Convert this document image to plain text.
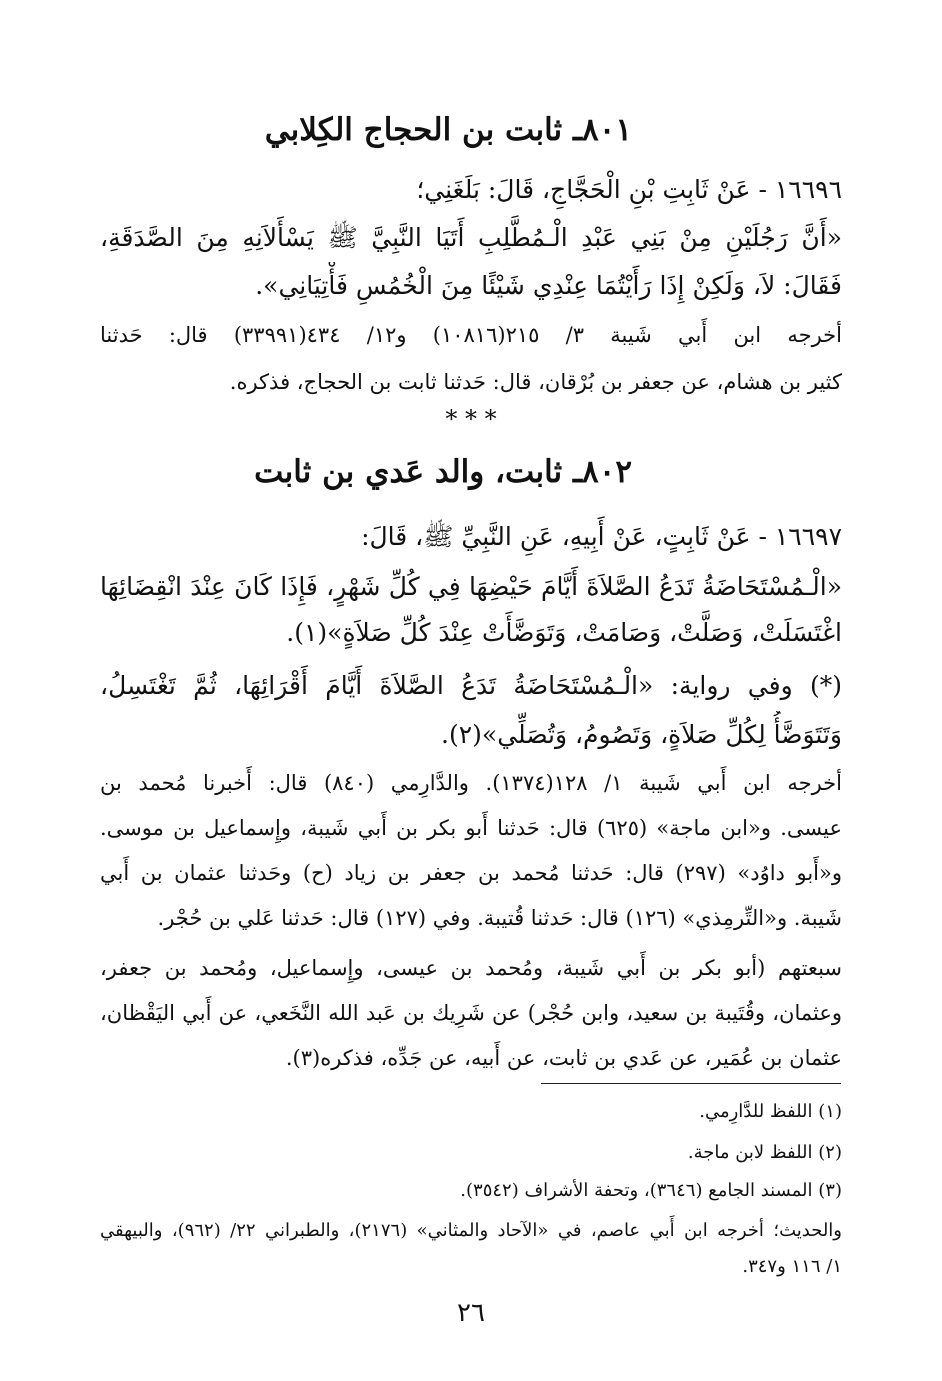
٨٠١ـ ثابت بن الحجاج الكِلابي
١٦٦٩٦ - عَنْ ثَابِتِ بْنِ الْحَجَّاجِ، قَالَ: بَلَغَنِي؛
«أَنَّ رَجُلَيْنِ مِنْ بَنِي عَبْدِ الْـمُطَّلِبِ أَتَيَا النَّبِيَّ ﷺ يَسْأَلاَنِهِ مِنَ الصَّدَقَةِ،
فَقَالَ: لاَ، وَلَكِنْ إِذَا رَأَيْتُمَا عِنْدِي شَيْئًا مِنَ الْخُمُسِ فَأْتِيَانِي».
أخرجه ابن أَبي شَيبة ٣/ ٢١٥(١٠٨١٦) و١٢/ ٤٣٤(٣٣٩٩١) قال: حَدثنا
كثير بن هشام، عن جعفر بن بُرْقان، قال: حَدثنا ثابت بن الحجاج، فذكره.
* * *
٨٠٢ـ ثابت، والد عَدي بن ثابت
١٦٦٩٧ - عَنْ ثَابِتٍ، عَنْ أَبِيهِ، عَنِ النَّبِيِّ ﷺ، قَالَ:
«الْـمُسْتَحَاضَةُ تَدَعُ الصَّلاَةَ أَيَّامَ حَيْضِهَا فِي كُلِّ شَهْرٍ، فَإِذَا كَانَ عِنْدَ انْقِضَائِهَا
اغْتَسَلَتْ، وَصَلَّتْ، وَصَامَتْ، وَتَوَضَّأَتْ عِنْدَ كُلِّ صَلاَةٍ»(١).
(*) وفي رواية: «الْـمُسْتَحَاضَةُ تَدَعُ الصَّلاَةَ أَيَّامَ أَقْرَائِهَا، ثُمَّ تَغْتَسِلُ،
وَتَتَوَضَّأُ لِكُلِّ صَلاَةٍ، وَتَصُومُ، وَتُصَلِّي»(٢).
أخرجه ابن أَبي شَيبة ١/ ١٢٨(١٣٧٤). والدَّارِمي (٨٤٠) قال: أَخبرنا مُحمد بن
عيسى. و«ابن ماجة» (٦٢٥) قال: حَدثنا أَبو بكر بن أَبي شَيبة، وإِسماعيل بن موسى.
و«أَبو داوُد» (٢٩٧) قال: حَدثنا مُحمد بن جعفر بن زياد (ح) وحَدثنا عثمان بن أَبي
شَيبة. و«التِّرمِذي» (١٢٦) قال: حَدثنا قُتيبة. وفي (١٢٧) قال: حَدثنا عَلي بن حُجْر.
سبعتهم (أبو بكر بن أَبي شَيبة، ومُحمد بن عيسى، وإِسماعيل، ومُحمد بن جعفر،
وعثمان، وقُتَيبة بن سعيد، وابن حُجْر) عن شَرِيك بن عَبد الله النَّخَعي، عن أَبي اليَقْظان،
عثمان بن عُمَير، عن عَدي بن ثابت، عن أَبيه، عن جَدِّه، فذكره(٣).
(١) اللفظ للدَّارِمي.
(٢) اللفظ لابن ماجة.
(٣) المسند الجامع (٣٦٤٦)، وتحفة الأشراف (٣٥٤٢).
والحديث؛ أخرجه ابن أَبي عاصم، في «الآحاد والمثاني» (٢١٧٦)، والطبراني ٢٢/ (٩٦٢)، والبيهقي
١/ ١١٦ و٣٤٧.
٢٦
